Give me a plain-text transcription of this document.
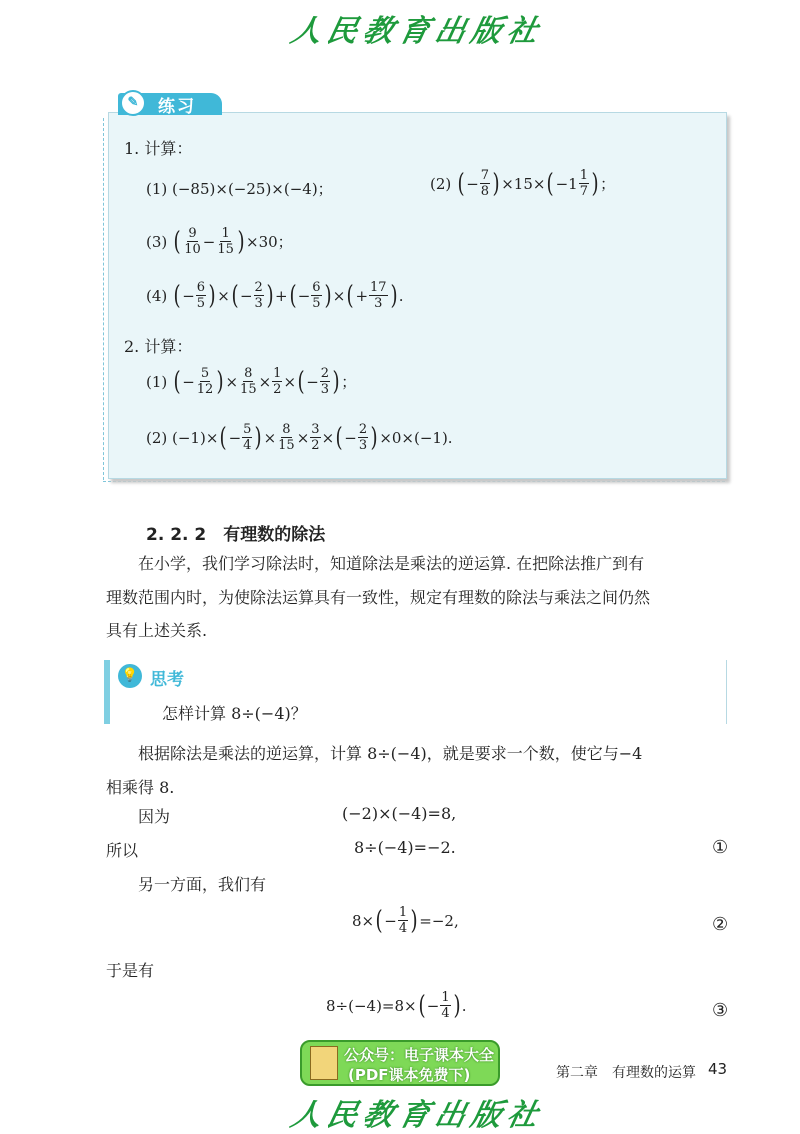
人民教育出版社
✎	练习
1. 计算：
(1) (−85)×(−25)×(−4)；	(2)
( − $\frac{7}{8}$ ) ×15× ( $-1 \frac{1}{7}$ ) ；
(3)
( $\frac{9}{10} - \frac{1}{15}$ ) ×30；
(4)
( − $\frac{6}{5}$ ) × ( − $\frac{2}{3}$ ) + ( − $\frac{6}{5}$ ) × ( + $\frac{17}{3}$ ) .
2. 计算：
(1)
( − $\frac{5}{12}$ ) × $\frac{8}{15} \times \frac{1}{2}$ × ( − $\frac{2}{3}$ ) ；
(2) (−1)× ( − $\frac{5}{4}$ ) × $\frac{8}{15} \times \frac{3}{2}$ × ( − $\frac{2}{3}$ ) ×0×(−1).
2. 2. 2　有理数的除法
在小学，我们学习除法时，知道除法是乘法的逆运算. 在把除法推广到有
理数范围内时，为使除法运算具有一致性，规定有理数的除法与乘法之间仍然
具有上述关系.
💡 思考
怎样计算 8÷(−4)？
根据除法是乘法的逆运算，计算 8÷(−4)，就是要求一个数，使它与−4
相乘得 8.
因为	(−2)×(−4)=8,
所以	8÷(−4)=−2.	①
另一方面，我们有
8× ( − $\frac{1}{4}$ ) =−2,	②
于是有
8÷(−4)=8× ( − $\frac{1}{4}$ ) .	③
公众号：电子课本大全
(PDF课本免费下)	第二章　有理数的运算 43
人民教育出版社
